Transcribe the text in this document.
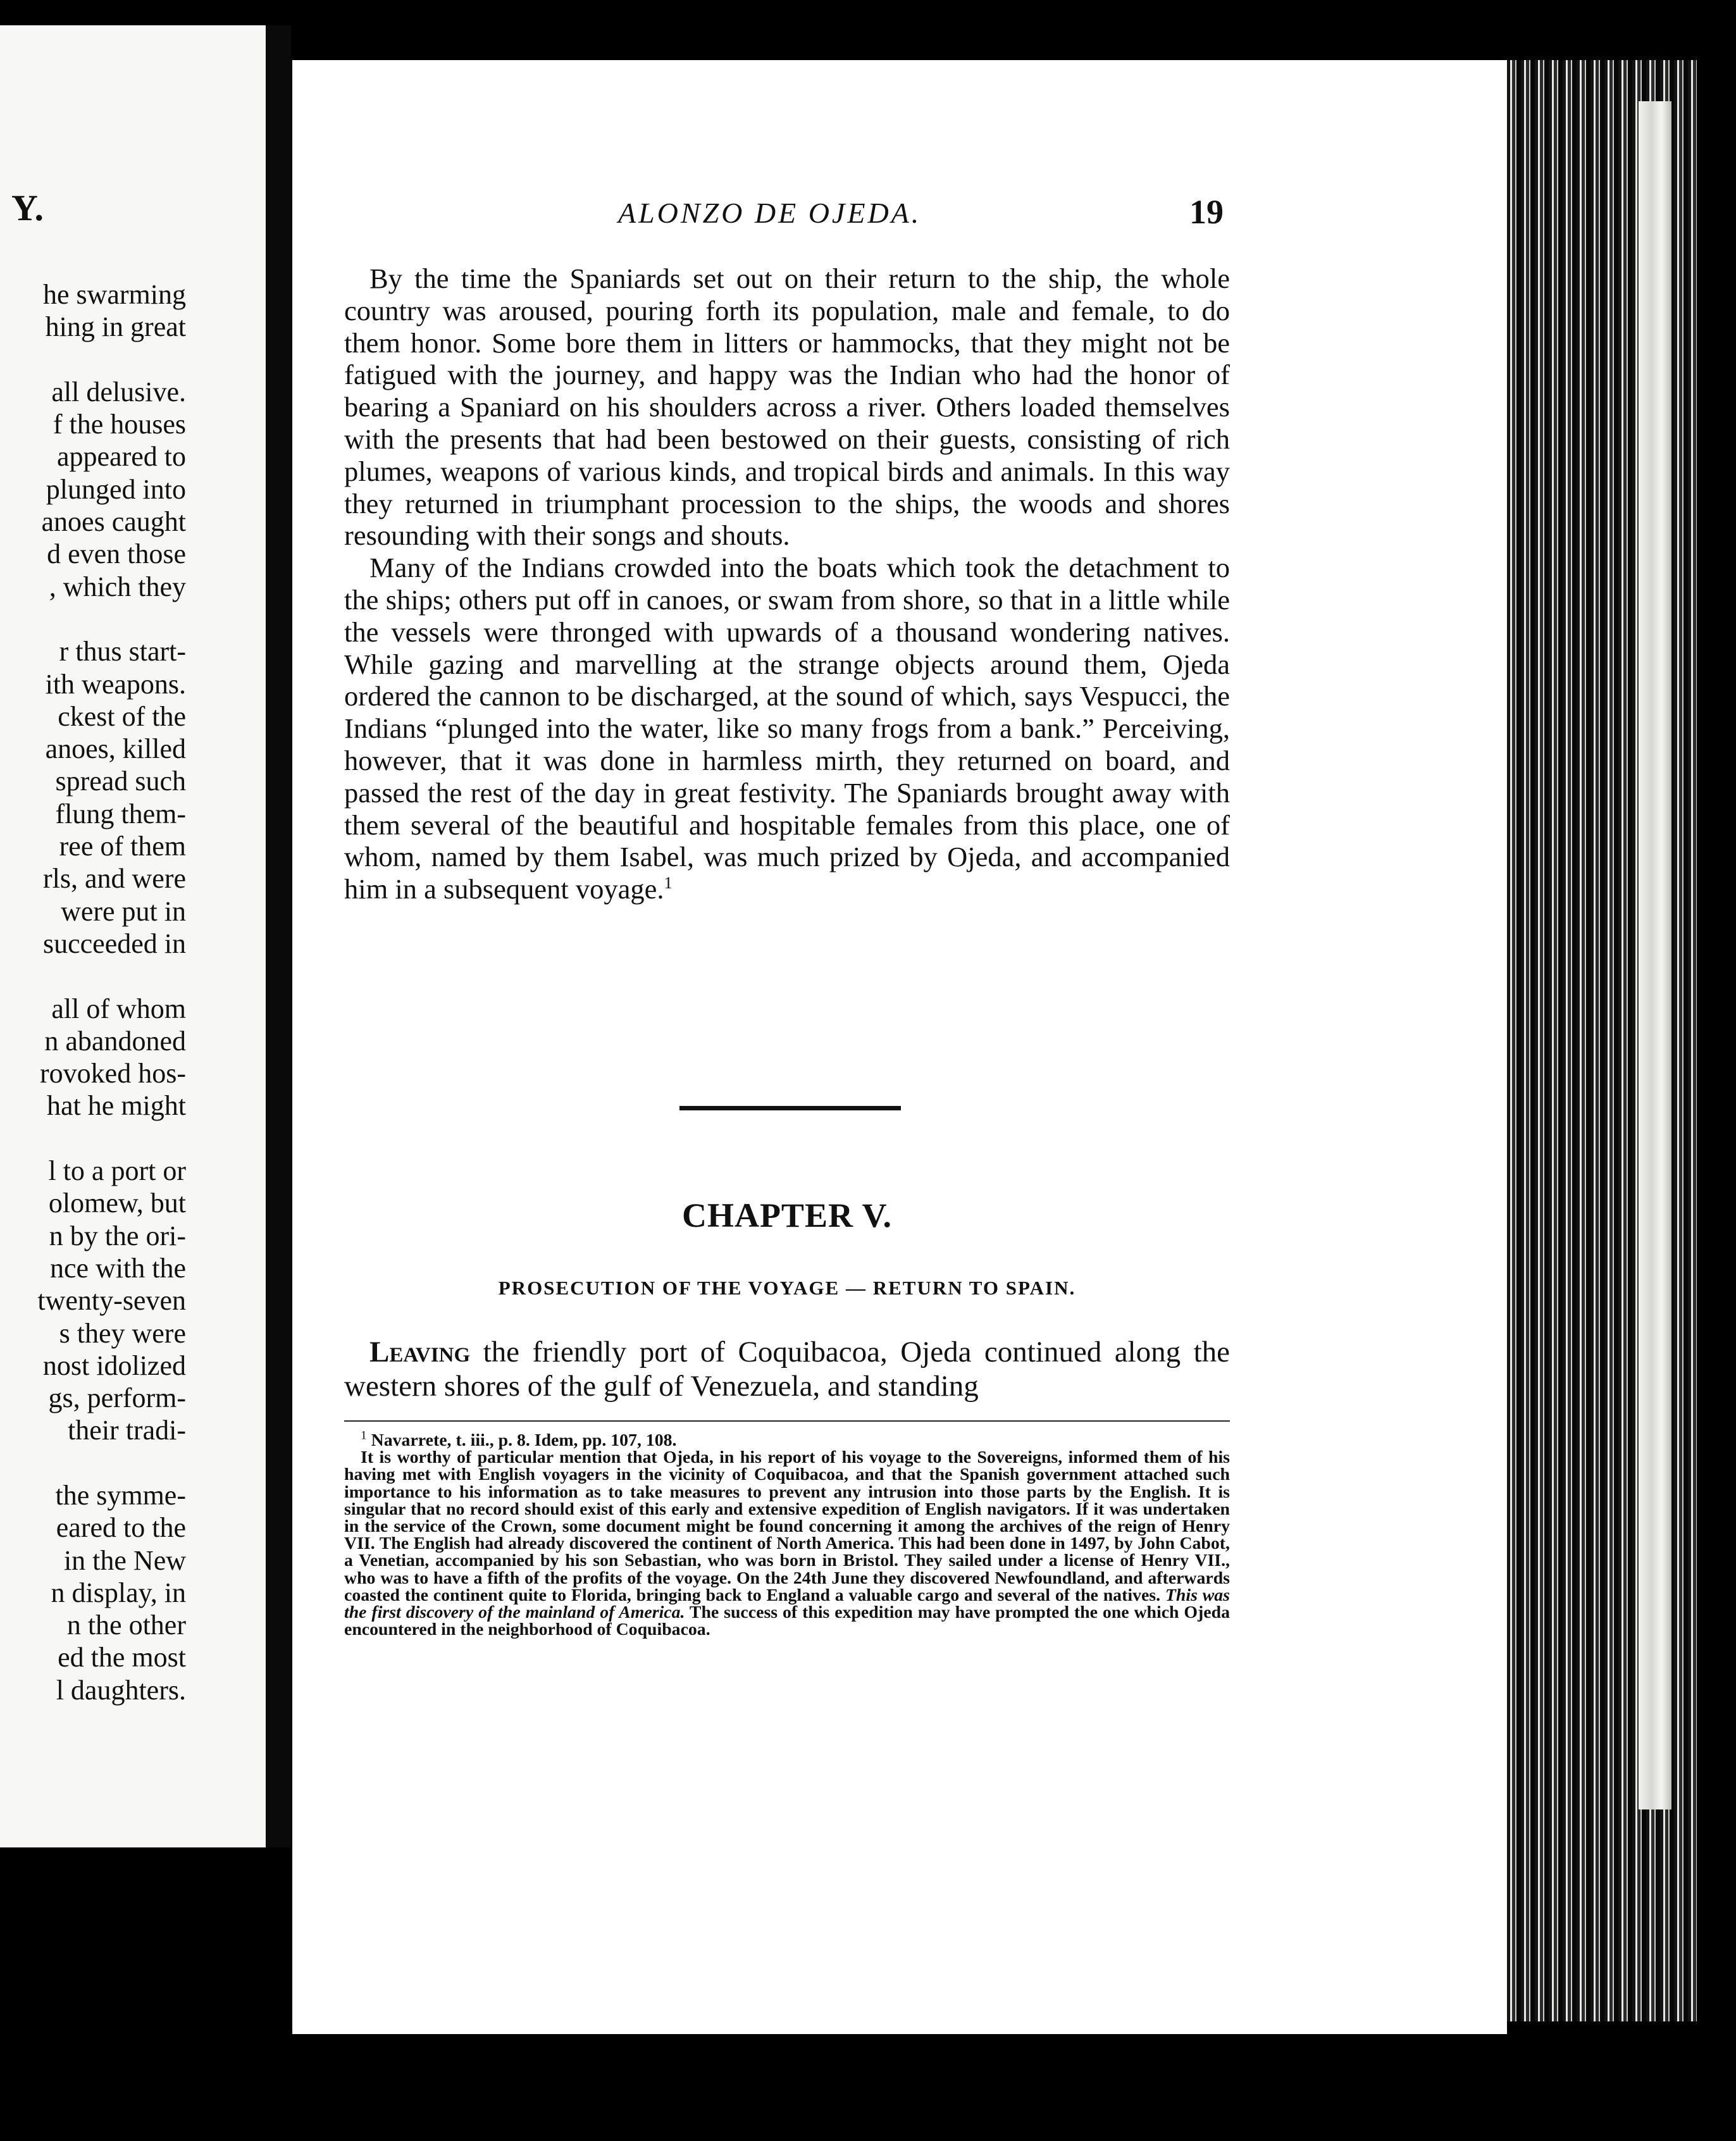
Y.
he swarming
hing in great
all delusive.
f the houses
appeared to
plunged into
anoes caught
d even those
, which they
r thus start-
ith weapons.
ckest of the
anoes, killed
spread such
flung them-
ree of them
rls, and were
were put in
succeeded in
all of whom
n abandoned
rovoked hos-
hat he might
l to a port or
olomew, but
n by the ori-
nce with the
twenty-seven
s they were
nost idolized
gs, perform-
their tradi-
the symme-
eared to the
in the New
n display, in
n the other
ed the most
l daughters.
ALONZO DE OJEDA.	19

By the time the Spaniards set out on their return to the ship, the whole country was aroused, pouring forth its population, male and female, to do them honor. Some bore them in litters or hammocks, that they might not be fatigued with the journey, and happy was the Indian who had the honor of bearing a Spaniard on his shoulders across a river. Others loaded themselves with the presents that had been bestowed on their guests, consisting of rich plumes, weapons of various kinds, and tropical birds and animals. In this way they returned in triumphant procession to the ships, the woods and shores resounding with their songs and shouts.

Many of the Indians crowded into the boats which took the detachment to the ships; others put off in canoes, or swam from shore, so that in a little while the vessels were thronged with upwards of a thousand wondering natives. While gazing and marvelling at the strange objects around them, Ojeda ordered the cannon to be discharged, at the sound of which, says Vespucci, the Indians “plunged into the water, like so many frogs from a bank.” Perceiving, however, that it was done in harmless mirth, they returned on board, and passed the rest of the day in great festivity. The Spaniards brought away with them several of the beautiful and hospitable females from this place, one of whom, named by them Isabel, was much prized by Ojeda, and accompanied him in a subsequent voyage.$^1$

CHAPTER V.
PROSECUTION OF THE VOYAGE — RETURN TO SPAIN.

Leaving the friendly port of Coquibacoa, Ojeda continued along the western shores of the gulf of Venezuela, and standing

$^1$ Navarrete, t. iii., p. 8. Idem, pp. 107, 108.

It is worthy of particular mention that Ojeda, in his report of his voyage to the Sovereigns, informed them of his having met with English voyagers in the vicinity of Coquibacoa, and that the Spanish government attached such importance to his information as to take measures to prevent any intrusion into those parts by the English. It is singular that no record should exist of this early and extensive expedition of English navigators. If it was undertaken in the service of the Crown, some document might be found concerning it among the archives of the reign of Henry VII. The English had already discovered the continent of North America. This had been done in 1497, by John Cabot, a Venetian, accompanied by his son Sebastian, who was born in Bristol. They sailed under a license of Henry VII., who was to have a fifth of the profits of the voyage. On the 24th June they discovered Newfoundland, and afterwards coasted the continent quite to Florida, bringing back to England a valuable cargo and several of the natives. This was the first discovery of the mainland of America. The success of this expedition may have prompted the one which Ojeda encountered in the neighborhood of Coquibacoa.
